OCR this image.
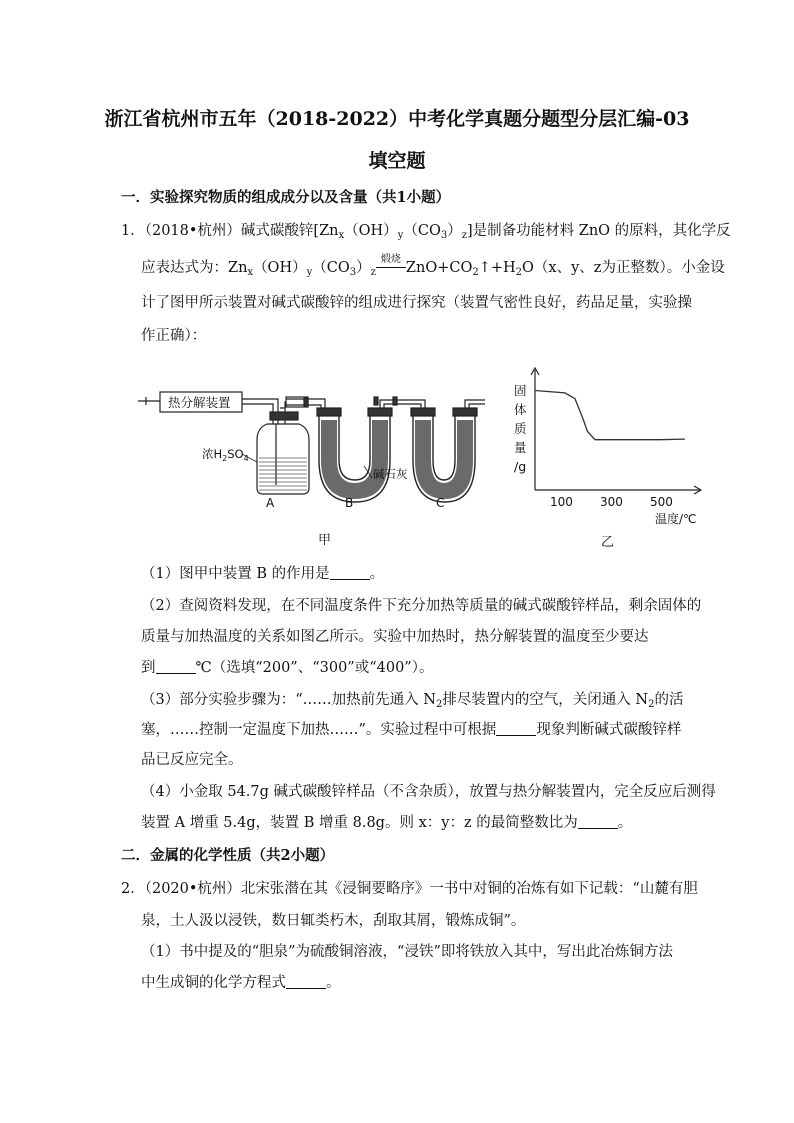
浙江省杭州市五年（2018-2022）中考化学真题分题型分层汇编-03
填空题
一．实验探究物质的组成成分以及含量（共1小题）
1．（2018•杭州）碱式碳酸锌$[Zn_x(OH)_y(CO_3)_z]$是制备功能材料 ZnO 的原料，其化学反
应表达式为：$Zn_x(OH)_y(CO_3)_z$
煅烧
$ZnO+CO_2↑+H_2O(x$、y、z为正整数）。小金设
计了图甲所示装置对碱式碳酸锌的组成进行探究（装置气密性良好，药品足量，实验操
作正确）：
热分解装置
浓$H_2SO_4$
碱石灰
A	B	C
甲
固
体
质
量
/g
100 300 500
温度/℃
乙
（1）图甲中装置 B 的作用是	。
（2）查阅资料发现，在不同温度条件下充分加热等质量的碱式碳酸锌样品，剩余固体的
质量与加热温度的关系如图乙所示。实验中加热时，热分解装置的温度至少要达
到	℃（选填“200”、“300”或“400”）。
（3）部分实验步骤为：“……加热前先通入 $N_2$排尽装置内的空气，关闭通入 $N_2$的活
塞，……控制一定温度下加热……”。实验过程中可根据	现象判断碱式碳酸锌样
品已反应完全。
（4）小金取 54.7g 碱式碳酸锌样品（不含杂质），放置与热分解装置内，完全反应后测得
装置 A 增重 5.4g，装置 B 增重 8.8g。则 x：y：z 的最简整数比为	。
二．金属的化学性质（共2小题）
2．（2020•杭州）北宋张潜在其《浸铜要略序》一书中对铜的冶炼有如下记载：“山麓有胆
泉，土人汲以浸铁，数日辄类朽木，刮取其屑，锻炼成铜”。
（1）书中提及的“胆泉”为硫酸铜溶液，“浸铁”即将铁放入其中，写出此冶炼铜方法
中生成铜的化学方程式	。
